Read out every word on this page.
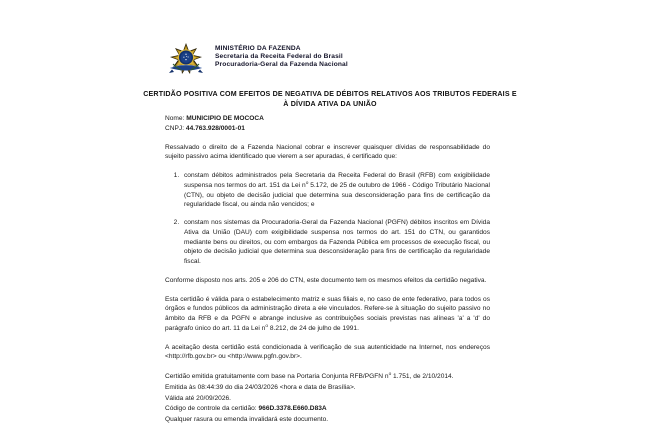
MINISTÉRIO DA FAZENDA
Secretaria da Receita Federal do Brasil
Procuradoria-Geral da Fazenda Nacional
CERTIDÃO POSITIVA COM EFEITOS DE NEGATIVA DE DÉBITOS RELATIVOS AOS TRIBUTOS FEDERAIS E À DÍVIDA ATIVA DA UNIÃO
Nome: MUNICIPIO DE MOCOCA
CNPJ: 44.763.928/0001-01

Ressalvado o direito de a Fazenda Nacional cobrar e inscrever quaisquer dívidas de responsabilidade do sujeito passivo acima identificado que vierem a ser apuradas, é certificado que:

1. constam débitos administrados pela Secretaria da Receita Federal do Brasil (RFB) com exigibilidade suspensa nos termos do art. 151 da Lei $n^o$ 5.172, de 25 de outubro de 1966 - Código Tributário Nacional (CTN), ou objeto de decisão judicial que determina sua desconsideração para fins de certificação da regularidade fiscal, ou ainda não vencidos; e
2. constam nos sistemas da Procuradoria-Geral da Fazenda Nacional (PGFN) débitos inscritos em Dívida Ativa da União (DAU) com exigibilidade suspensa nos termos do art. 151 do CTN, ou garantidos mediante bens ou direitos, ou com embargos da Fazenda Pública em processos de execução fiscal, ou objeto de decisão judicial que determina sua desconsideração para fins de certificação da regularidade fiscal.

Conforme disposto nos arts. 205 e 206 do CTN, este documento tem os mesmos efeitos da certidão negativa.

Esta certidão é válida para o estabelecimento matriz e suas filiais e, no caso de ente federativo, para todos os órgãos e fundos públicos da administração direta a ele vinculados. Refere-se à situação do sujeito passivo no âmbito da RFB e da PGFN e abrange inclusive as contribuições sociais previstas nas alíneas 'a' a 'd' do parágrafo único do art. 11 da Lei $n^o$ 8.212, de 24 de julho de 1991.

A aceitação desta certidão está condicionada à verificação de sua autenticidade na Internet, nos endereços <http://rfb.gov.br> ou <http://www.pgfn.gov.br>.

Certidão emitida gratuitamente com base na Portaria Conjunta RFB/PGFN $n^o$ 1.751, de 2/10/2014.
Emitida às 08:44:39 do dia 24/03/2026 <hora e data de Brasília>.
Válida até 20/09/2026.
Código de controle da certidão: 966D.3378.E660.D83A
Qualquer rasura ou emenda invalidará este documento.
